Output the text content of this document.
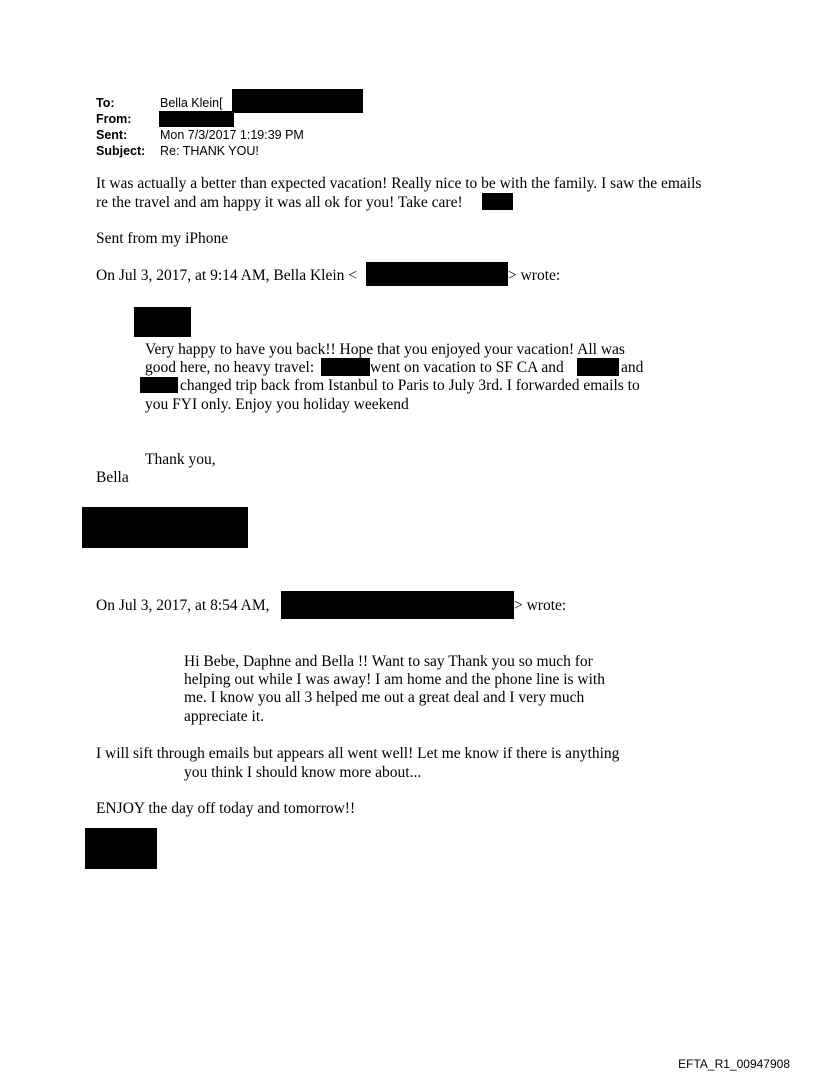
To:	Bella Klein[
From:
Sent:	Mon 7/3/2017 1:19:39 PM
Subject: Re: THANK YOU!
It was actually a better than expected vacation! Really nice to be with the family. I saw the emails
re the travel and am happy it was all ok for you! Take care!
Sent from my iPhone
On Jul 3, 2017, at 9:14 AM, Bella Klein <	> wrote:
Very happy to have you back!! Hope that you enjoyed your vacation! All was
good here, no heavy travel:	went on vacation to SF CA and	and
changed trip back from Istanbul to Paris to July 3rd. I forwarded emails to
you FYI only. Enjoy you holiday weekend
Thank you,
Bella
On Jul 3, 2017, at 8:54 AM,	> wrote:
Hi Bebe, Daphne and Bella !! Want to say Thank you so much for
helping out while I was away! I am home and the phone line is with
me. I know you all 3 helped me out a great deal and I very much
appreciate it.
I will sift through emails but appears all went well! Let me know if there is anything
you think I should know more about...
ENJOY the day off today and tomorrow!!
EFTA_R1_00947908
